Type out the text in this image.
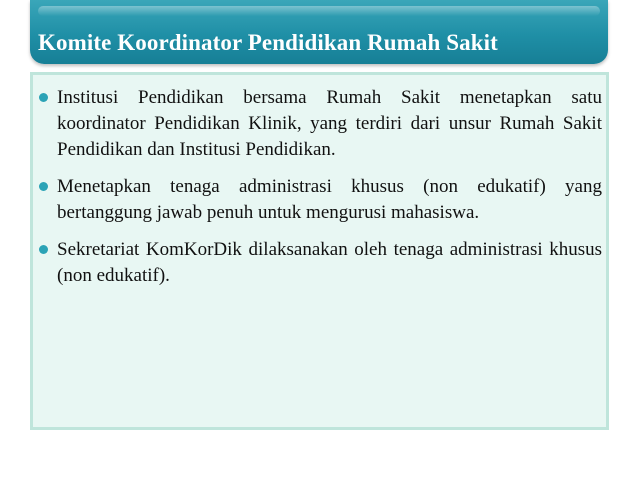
Komite Koordinator Pendidikan Rumah Sakit
Institusi Pendidikan bersama Rumah Sakit menetapkan satu koordinator Pendidikan Klinik, yang terdiri dari unsur Rumah Sakit Pendidikan dan Institusi Pendidikan.
Menetapkan tenaga administrasi khusus (non edukatif) yang bertanggung jawab penuh untuk mengurusi mahasiswa.
Sekretariat KomKorDik dilaksanakan oleh tenaga administrasi khusus (non edukatif).
